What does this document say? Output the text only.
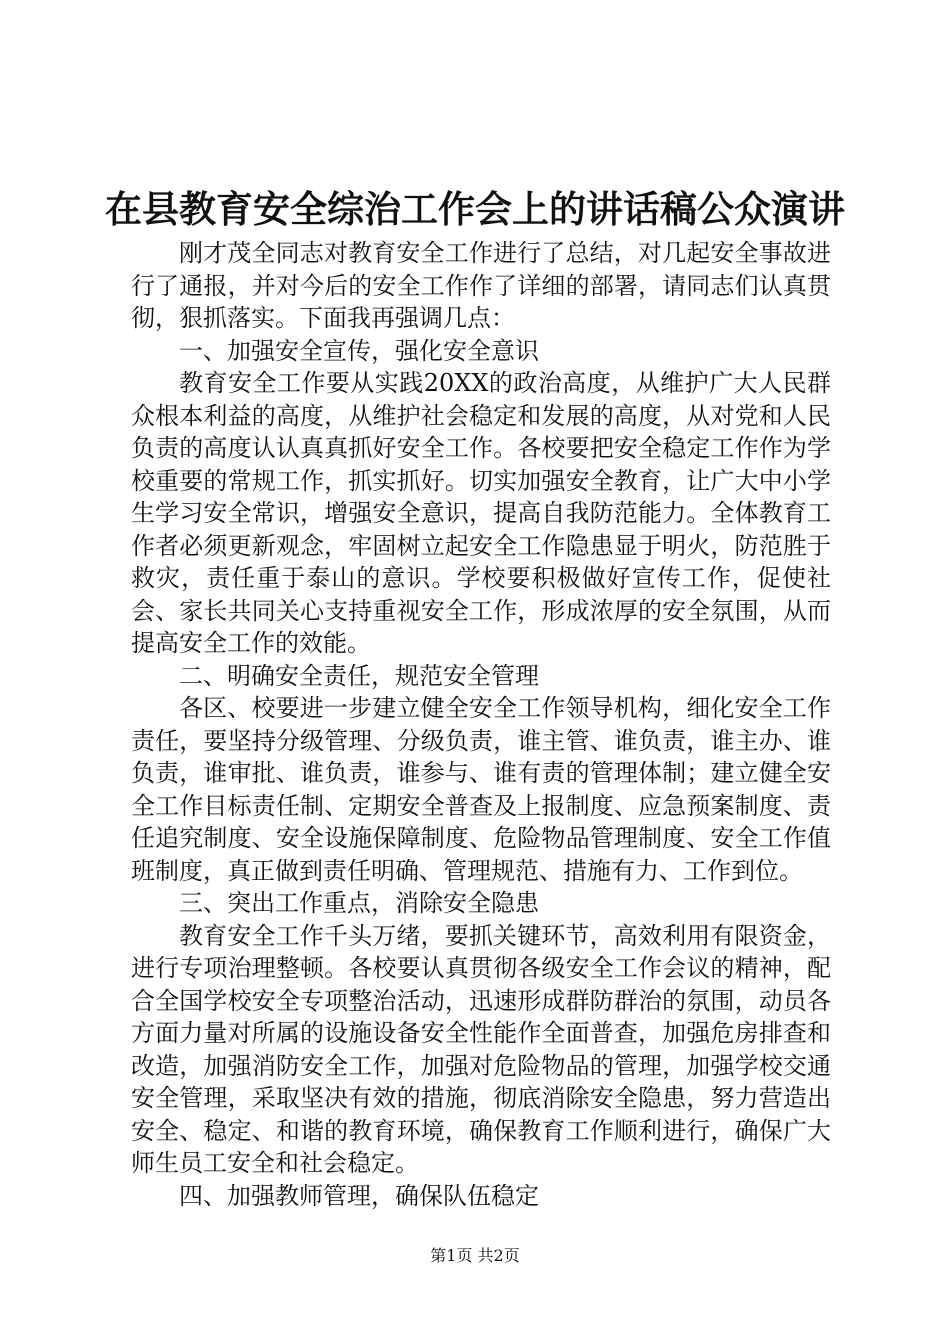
在县教育安全综治工作会上的讲话稿公众演讲

刚才茂全同志对教育安全工作进行了总结，对几起安全事故进行了通报，并对今后的安全工作作了详细的部署，请同志们认真贯彻，狠抓落实。下面我再强调几点：

一、加强安全宣传，强化安全意识

教育安全工作要从实践20XX的政治高度，从维护广大人民群众根本利益的高度，从维护社会稳定和发展的高度，从对党和人民负责的高度认认真真抓好安全工作。各校要把安全稳定工作作为学校重要的常规工作，抓实抓好。切实加强安全教育，让广大中小学生学习安全常识，增强安全意识，提高自我防范能力。全体教育工作者必须更新观念，牢固树立起安全工作隐患显于明火，防范胜于救灾，责任重于泰山的意识。学校要积极做好宣传工作，促使社会、家长共同关心支持重视安全工作，形成浓厚的安全氛围，从而提高安全工作的效能。

二、明确安全责任，规范安全管理

各区、校要进一步建立健全安全工作领导机构，细化安全工作责任，要坚持分级管理、分级负责，谁主管、谁负责，谁主办、谁负责，谁审批、谁负责，谁参与、谁有责的管理体制；建立健全安全工作目标责任制、定期安全普查及上报制度、应急预案制度、责任追究制度、安全设施保障制度、危险物品管理制度、安全工作值班制度，真正做到责任明确、管理规范、措施有力、工作到位。

三、突出工作重点，消除安全隐患

教育安全工作千头万绪，要抓关键环节，高效利用有限资金，进行专项治理整顿。各校要认真贯彻各级安全工作会议的精神，配合全国学校安全专项整治活动，迅速形成群防群治的氛围，动员各方面力量对所属的设施设备安全性能作全面普查，加强危房排查和改造，加强消防安全工作，加强对危险物品的管理，加强学校交通安全管理，采取坚决有效的措施，彻底消除安全隐患，努力营造出安全、稳定、和谐的教育环境，确保教育工作顺利进行，确保广大师生员工安全和社会稳定。

四、加强教师管理，确保队伍稳定

第1页 共2页
